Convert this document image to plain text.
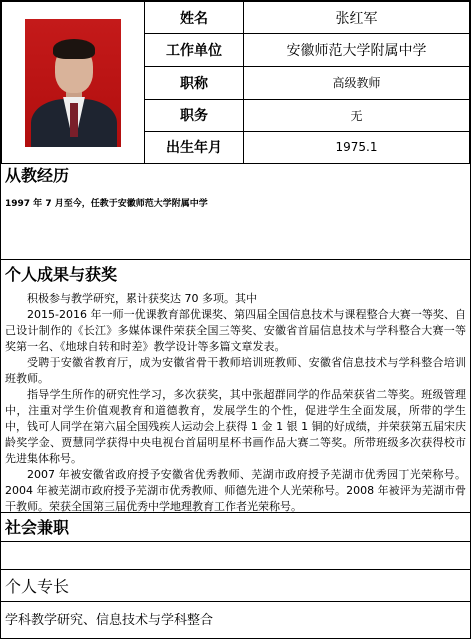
	姓名	张红军
	工作单位	安徽师范大学附属中学
	职称	高级教师
	职务	无
	出生年月	1975.1
从教经历
1997 年 7 月至今，任教于安徽师范大学附属中学
个人成果与获奖

积极参与教学研究，累计获奖达 70 多项。其中

2015-2016 年一师一优课教育部优课奖、第四届全国信息技术与课程整合大赛一等奖、自己设计制作的《长江》多媒体课件荣获全国三等奖、安徽省首届信息技术与学科整合大赛一等奖第一名、《地球自转和时差》教学设计等多篇文章发表。

受聘于安徽省教育厅，成为安徽省骨干教师培训班教师、安徽省信息技术与学科整合培训班教师。

指导学生所作的研究性学习，多次获奖，其中张超群同学的作品荣获省二等奖。班级管理中，注重对学生价值观教育和道德教育，发展学生的个性，促进学生全面发展，所带的学生中，钱可人同学在第六届全国残疾人运动会上获得 1 金 1 银 1 铜的好成绩，并荣获第五届宋庆龄奖学金、贾慧同学获得中央电视台首届明星杯书画作品大赛二等奖。所带班级多次获得校市先进集体称号。

2007 年被安徽省政府授予安徽省优秀教师、芜湖市政府授予芜湖市优秀园丁光荣称号。2004 年被芜湖市政府授予芜湖市优秀教师、师德先进个人光荣称号。2008 年被评为芜湖市骨干教师。荣获全国第三届优秀中学地理教育工作者光荣称号。

社会兼职
个人专长
学科教学研究、信息技术与学科整合
